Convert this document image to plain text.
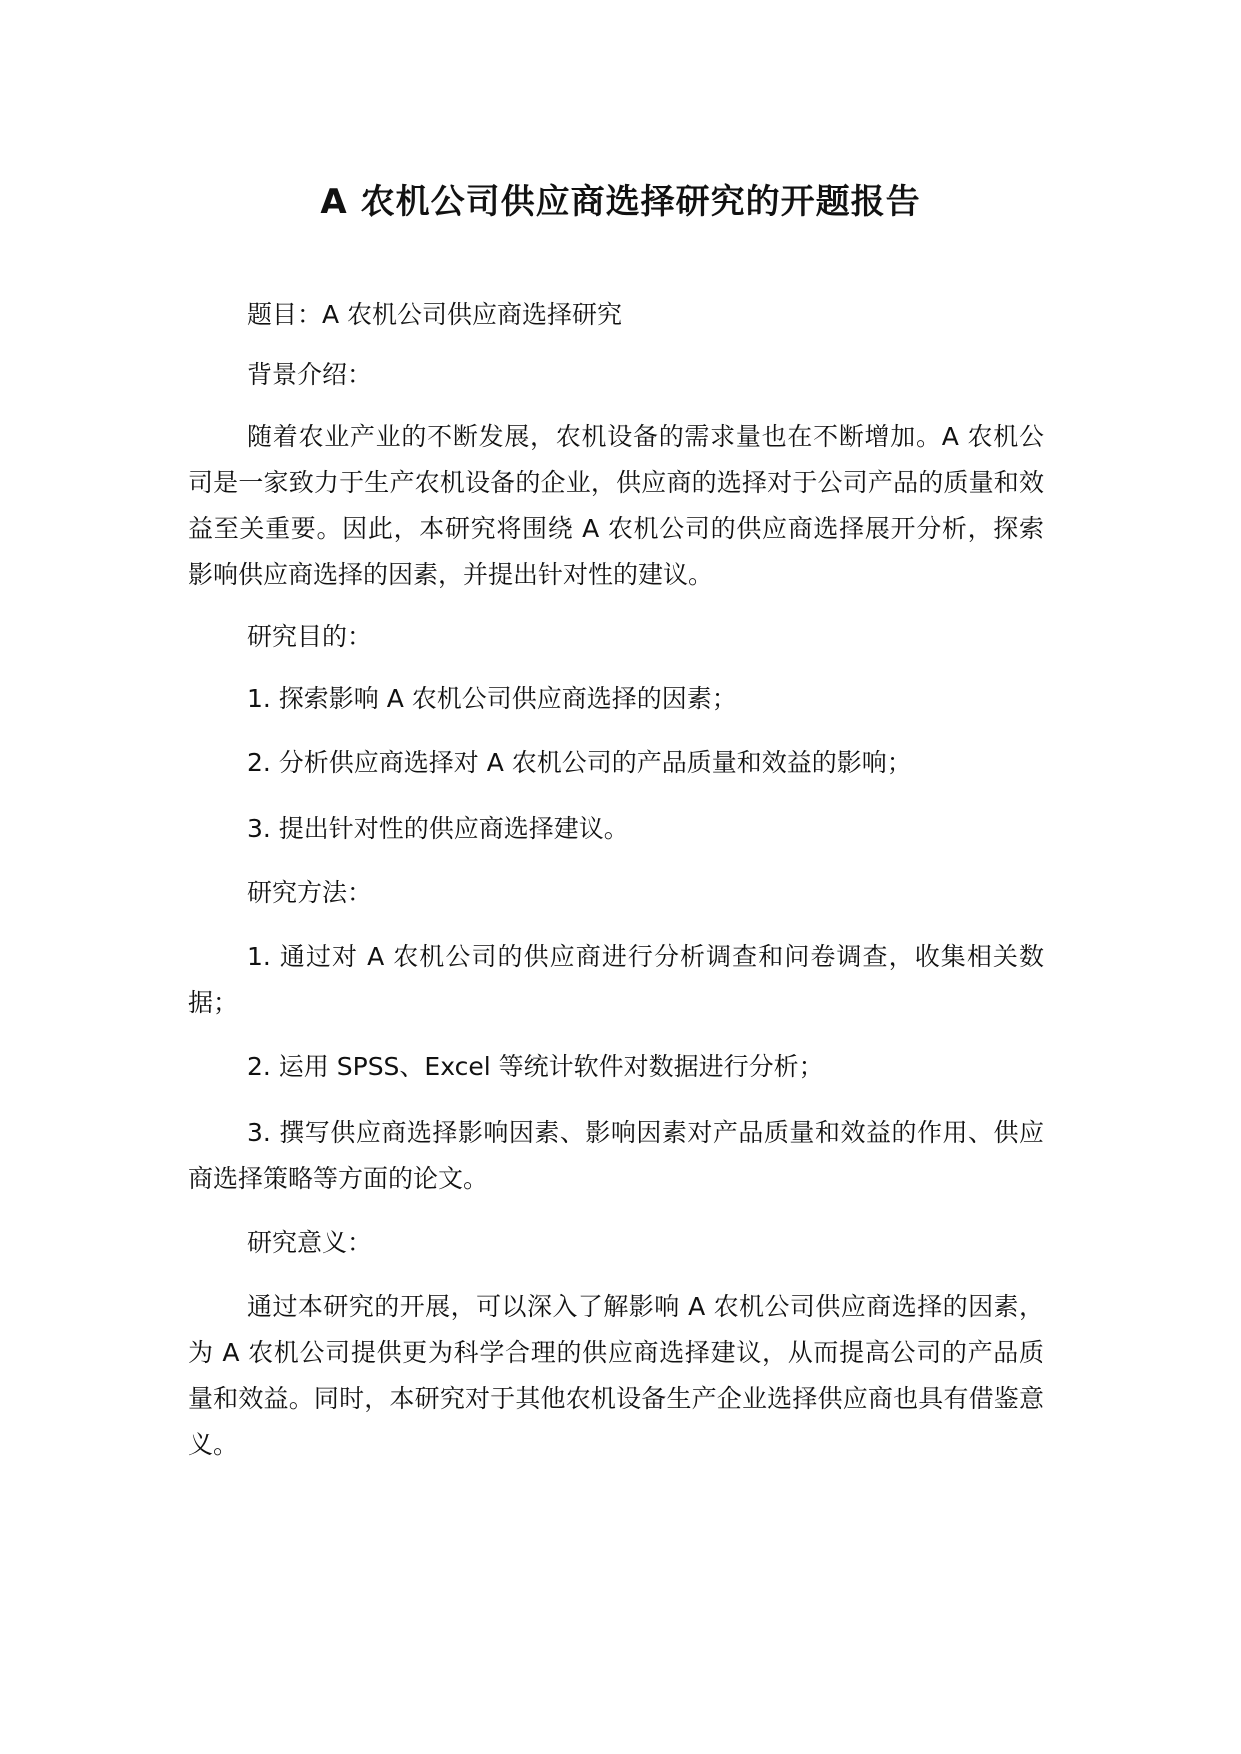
A 农机公司供应商选择研究的开题报告

题目：A 农机公司供应商选择研究

背景介绍：

随着农业产业的不断发展，农机设备的需求量也在不断增加。A 农机公司是一家致力于生产农机设备的企业，供应商的选择对于公司产品的质量和效益至关重要。因此，本研究将围绕 A 农机公司的供应商选择展开分析，探索影响供应商选择的因素，并提出针对性的建议。

研究目的：

1. 探索影响 A 农机公司供应商选择的因素；

2. 分析供应商选择对 A 农机公司的产品质量和效益的影响；

3. 提出针对性的供应商选择建议。

研究方法：

1. 通过对 A 农机公司的供应商进行分析调查和问卷调查，收集相关数据；

2. 运用 SPSS、Excel 等统计软件对数据进行分析；

3. 撰写供应商选择影响因素、影响因素对产品质量和效益的作用、供应商选择策略等方面的论文。

研究意义：

通过本研究的开展，可以深入了解影响 A 农机公司供应商选择的因素，为 A 农机公司提供更为科学合理的供应商选择建议，从而提高公司的产品质量和效益。同时，本研究对于其他农机设备生产企业选择供应商也具有借鉴意义。
